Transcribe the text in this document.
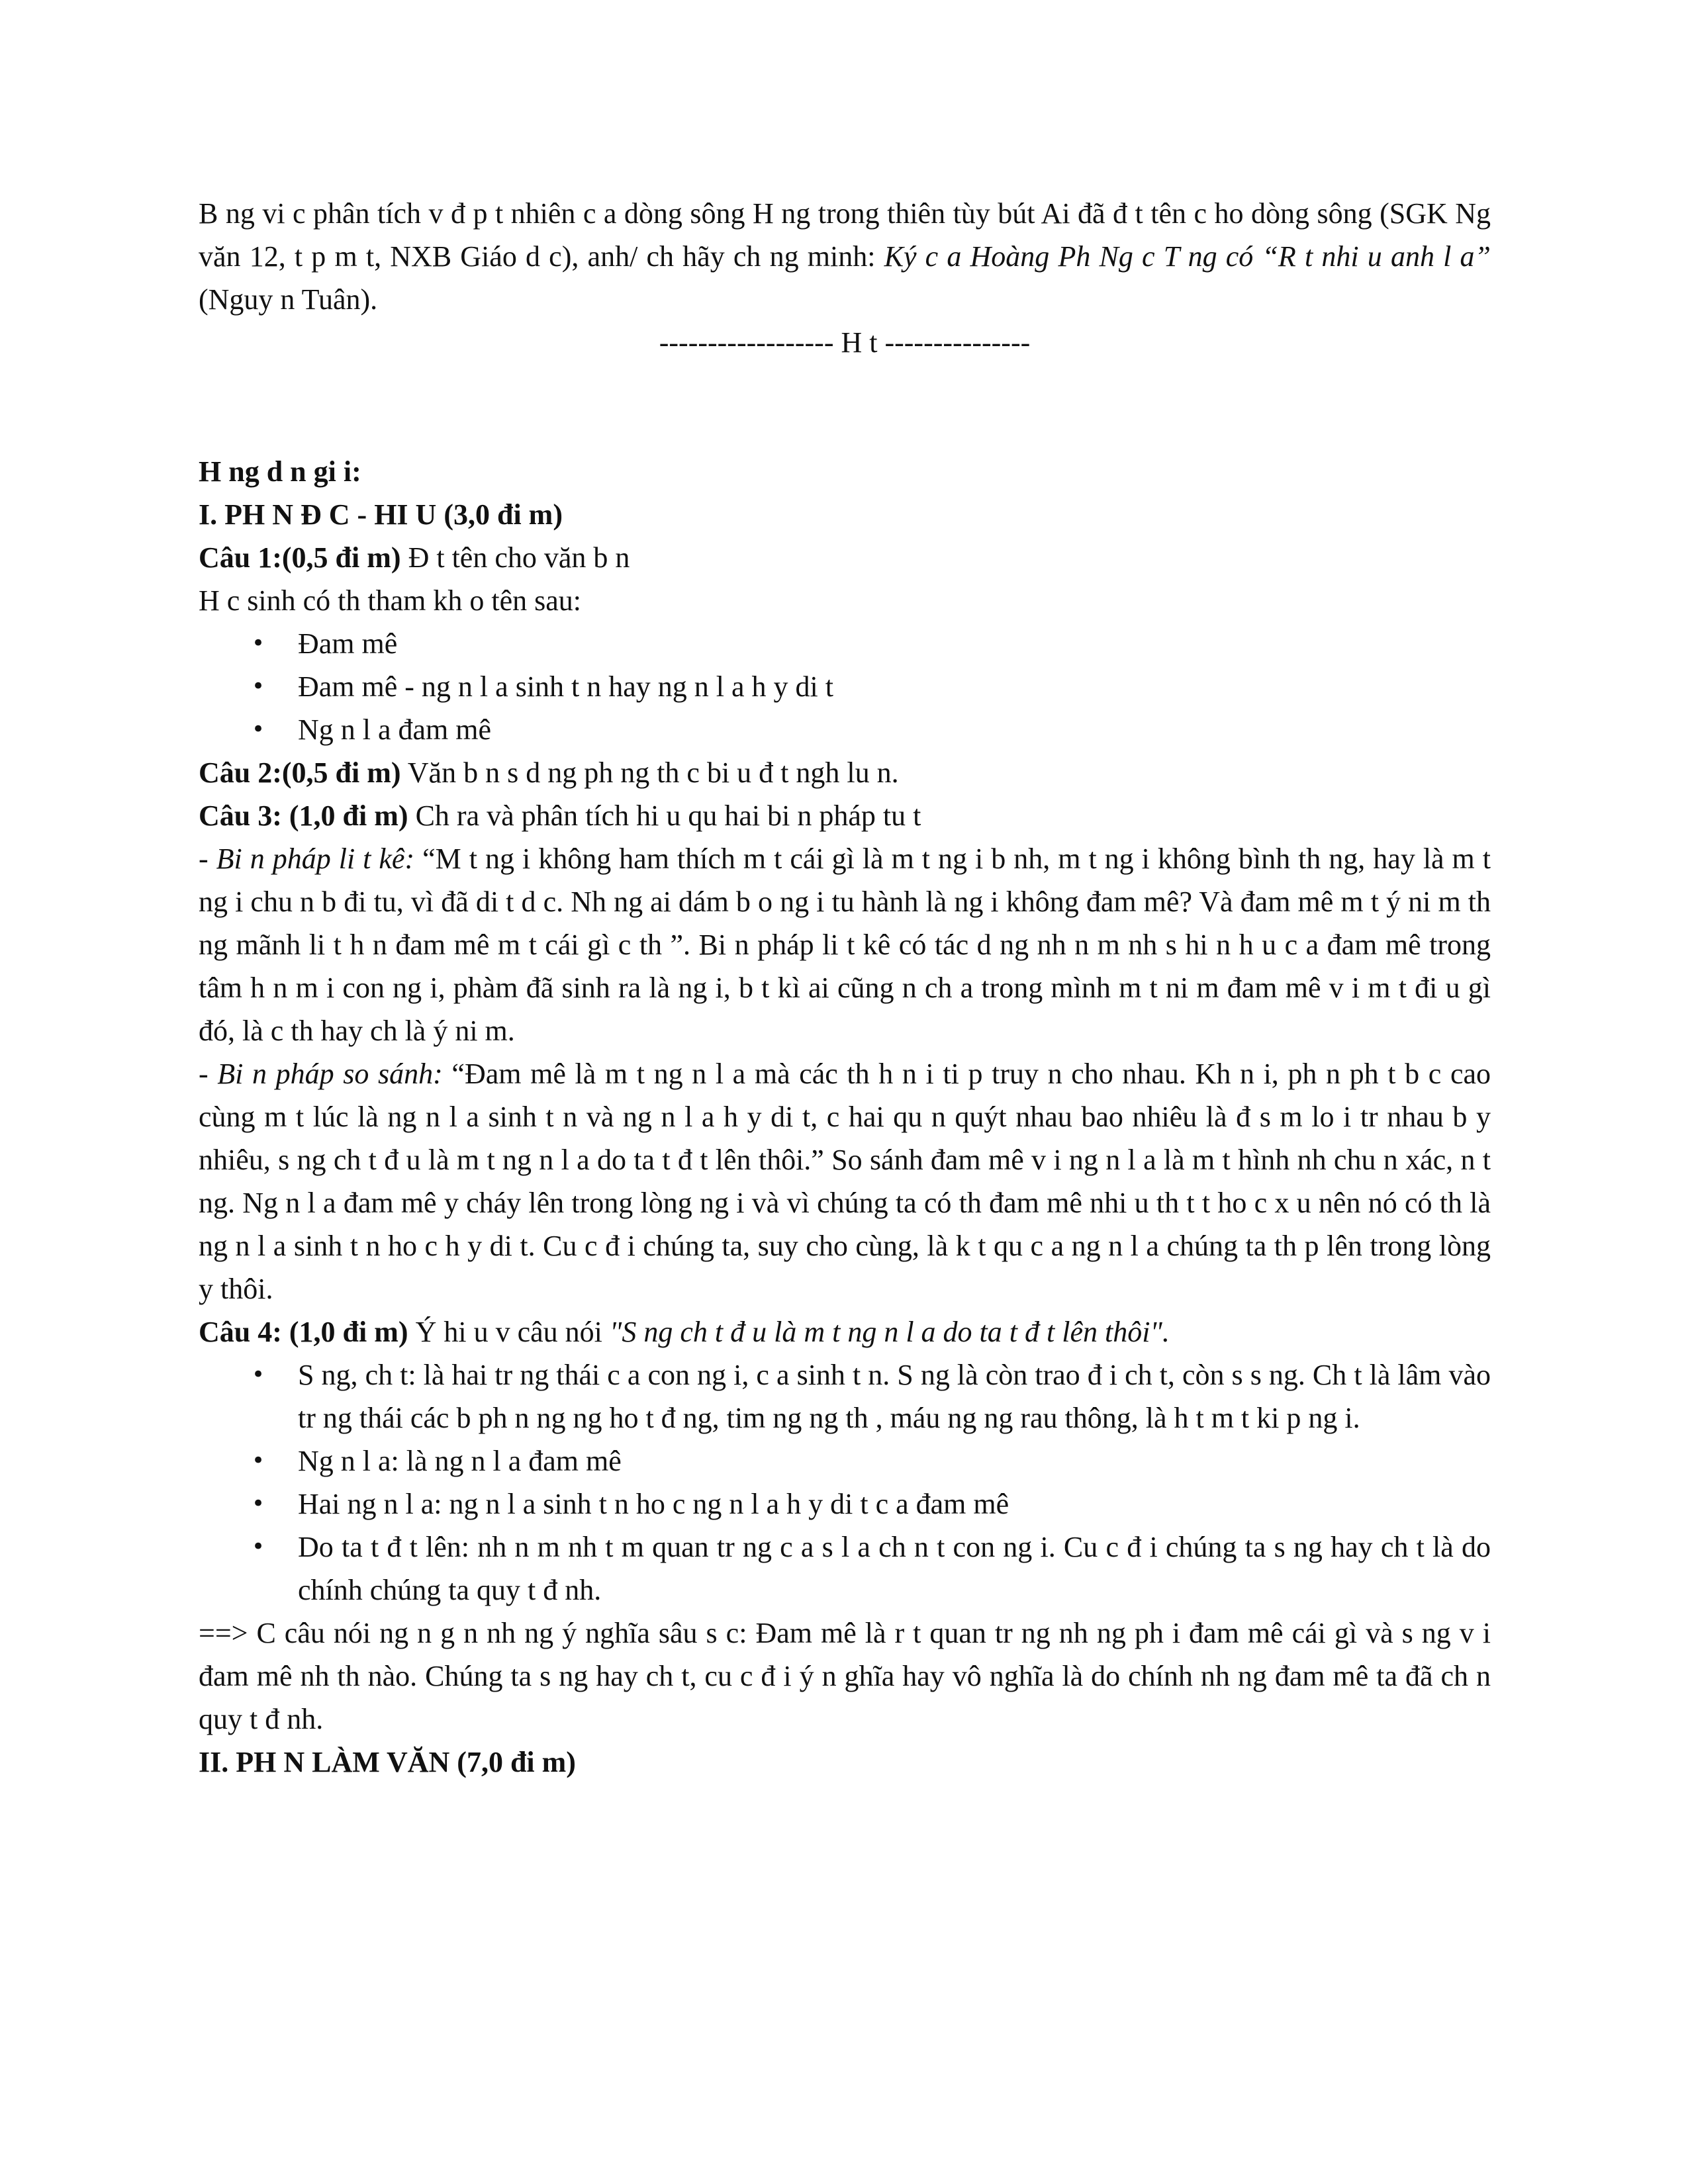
B ng vi c phân tích v đ p t nhiên c a dòng sông H ng trong thiên tùy bút Ai đã đ t tên c ho dòng sông (SGK Ng văn 12, t p m t, NXB Giáo d c), anh/ ch hãy ch ng minh: Ký c a Hoàng Ph Ng c T ng có “R t nhi u anh l a” (Nguy n Tuân).

------------------ H t ---------------

H ng d n gi i:

I. PH N Đ C - HI U (3,0 đi m)

Câu 1:(0,5 đi m) Đ t tên cho văn b n

H c sinh có th tham kh o tên sau:

• Đam mê
• Đam mê - ng n l a sinh t n hay ng n l a h y di t
• Ng n l a đam mê

Câu 2:(0,5 đi m) Văn b n s d ng ph ng th c bi u đ t ngh lu n.

Câu 3: (1,0 đi m) Ch ra và phân tích hi u qu hai bi n pháp tu t

- Bi n pháp li t kê: “M t ng i không ham thích m t cái gì là m t ng i b nh, m t ng i không bình th ng, hay là m t ng i chu n b đi tu, vì đã di t d c. Nh ng ai dám b o ng i tu hành là ng i không đam mê? Và đam mê m t ý ni m th ng mãnh li t h n đam mê m t cái gì c th ”. Bi n pháp li t kê có tác d ng nh n m nh s hi n h u c a đam mê trong tâm h n m i con ng i, phàm đã sinh ra là ng i, b t kì ai cũng n ch a trong mình m t ni m đam mê v i m t đi u gì đó, là c th hay ch là ý ni m.

- Bi n pháp so sánh: “Đam mê là m t ng n l a mà các th h n i ti p truy n cho nhau. Kh n i, ph n ph t b c cao cùng m t lúc là ng n l a sinh t n và ng n l a h y di t, c hai qu n quýt nhau bao nhiêu là đ s m lo i tr nhau b y nhiêu, s ng ch t đ u là m t ng n l a do ta t đ t lên thôi.” So sánh đam mê v i ng n l a là m t hình nh chu n xác, n t ng. Ng n l a đam mê y cháy lên trong lòng ng i và vì chúng ta có th đam mê nhi u th t t ho c x u nên nó có th là ng n l a sinh t n ho c h y di t. Cu c đ i chúng ta, suy cho cùng, là k t qu c a ng n l a chúng ta th p lên trong lòng y thôi.

Câu 4: (1,0 đi m) Ý hi u v câu nói "S ng ch t đ u là m t ng n l a do ta t đ t lên thôi".

• S ng, ch t: là hai tr ng thái c a con ng i, c a sinh t n. S ng là còn trao đ i ch t, còn s s ng. Ch t là lâm vào tr ng thái các b ph n ng ng ho t đ ng, tim ng ng th , máu ng ng rau thông, là h t m t ki p ng i.
• Ng n l a: là ng n l a đam mê
• Hai ng n l a: ng n l a sinh t n ho c ng n l a h y di t c a đam mê
• Do ta t đ t lên: nh n m nh t m quan tr ng c a s l a ch n t con ng i. Cu c đ i chúng ta s ng hay ch t là do chính chúng ta quy t đ nh.

==> C câu nói ng n g n nh ng ý nghĩa sâu s c: Đam mê là r t quan tr ng nh ng ph i đam mê cái gì và s ng v i đam mê nh th nào. Chúng ta s ng hay ch t, cu c đ i ý n ghĩa hay vô nghĩa là do chính nh ng đam mê ta đã ch n quy t đ nh.

II. PH N LÀM VĂN (7,0 đi m)
